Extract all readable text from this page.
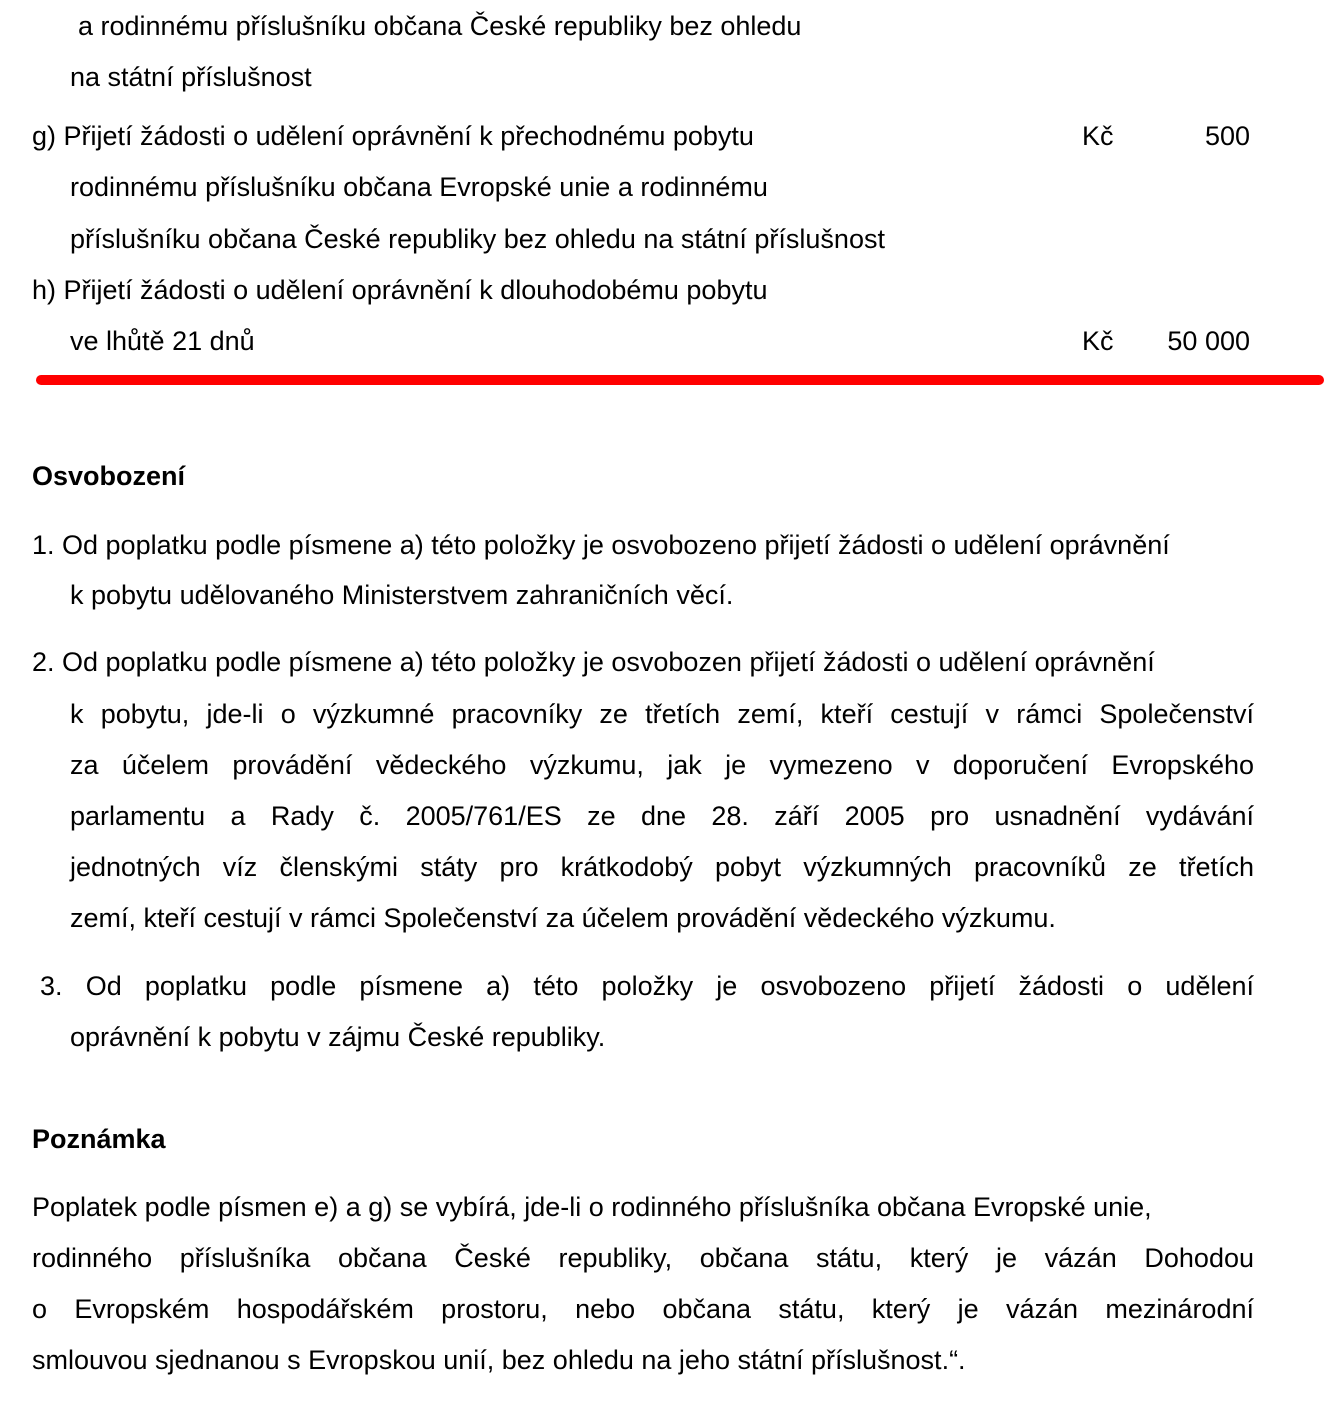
a rodinnému příslušníku občana České republiky bez ohledu
na státní příslušnost
g) Přijetí žádosti o udělení oprávnění k přechodnému pobytu	Kč	500
rodinnému příslušníku občana Evropské unie a rodinnému
příslušníku občana České republiky bez ohledu na státní příslušnost
h) Přijetí žádosti o udělení oprávnění k dlouhodobému pobytu
ve lhůtě 21 dnů	Kč	50 000
Osvobození
1. Od poplatku podle písmene a) této položky je osvobozeno přijetí žádosti o udělení oprávnění
k pobytu udělovaného Ministerstvem zahraničních věcí.
2. Od poplatku podle písmene a) této položky je osvobozen přijetí žádosti o udělení oprávnění
k pobytu, jde-li o výzkumné pracovníky ze třetích zemí, kteří cestují v rámci Společenství
za účelem provádění vědeckého výzkumu, jak je vymezeno v doporučení Evropského
parlamentu a Rady č. 2005/761/ES ze dne 28. září 2005 pro usnadnění vydávání
jednotných víz členskými státy pro krátkodobý pobyt výzkumných pracovníků ze třetích
zemí, kteří cestují v rámci Společenství za účelem provádění vědeckého výzkumu.
3. Od poplatku podle písmene a) této položky je osvobozeno přijetí žádosti o udělení
oprávnění k pobytu v zájmu České republiky.
Poznámka
Poplatek podle písmen e) a g) se vybírá, jde-li o rodinného příslušníka občana Evropské unie,
rodinného příslušníka občana České republiky, občana státu, který je vázán Dohodou
o Evropském hospodářském prostoru, nebo občana státu, který je vázán mezinárodní
smlouvou sjednanou s Evropskou unií, bez ohledu na jeho státní příslušnost.“.
